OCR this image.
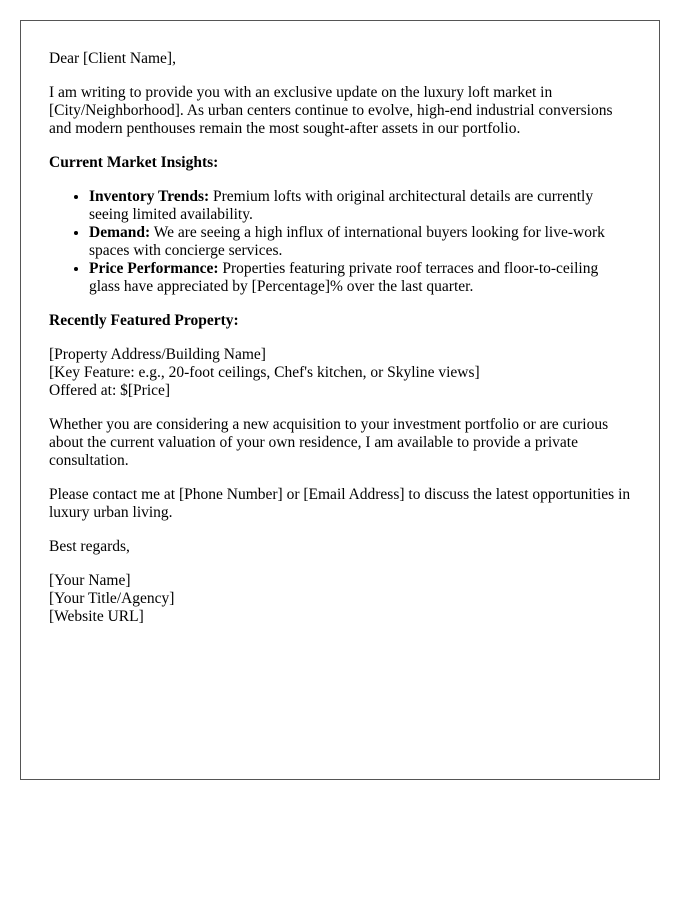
Dear [Client Name],

I am writing to provide you with an exclusive update on the luxury loft market in [City/Neighborhood]. As urban centers continue to evolve, high-end industrial conversions and modern penthouses remain the most sought-after assets in our portfolio.

Current Market Insights:
• Inventory Trends: Premium lofts with original architectural details are currently seeing limited availability.
• Demand: We are seeing a high influx of international buyers looking for live-work spaces with concierge services.
• Price Performance: Properties featuring private roof terraces and floor-to-ceiling glass have appreciated by [Percentage]% over the last quarter.
Recently Featured Property:
[Property Address/Building Name]
[Key Feature: e.g., 20-foot ceilings, Chef's kitchen, or Skyline views]
Offered at: $[Price]

Whether you are considering a new acquisition to your investment portfolio or are curious about the current valuation of your own residence, I am available to provide a private consultation.

Please contact me at [Phone Number] or [Email Address] to discuss the latest opportunities in luxury urban living.

Best regards,

[Your Name]
[Your Title/Agency]
[Website URL]
